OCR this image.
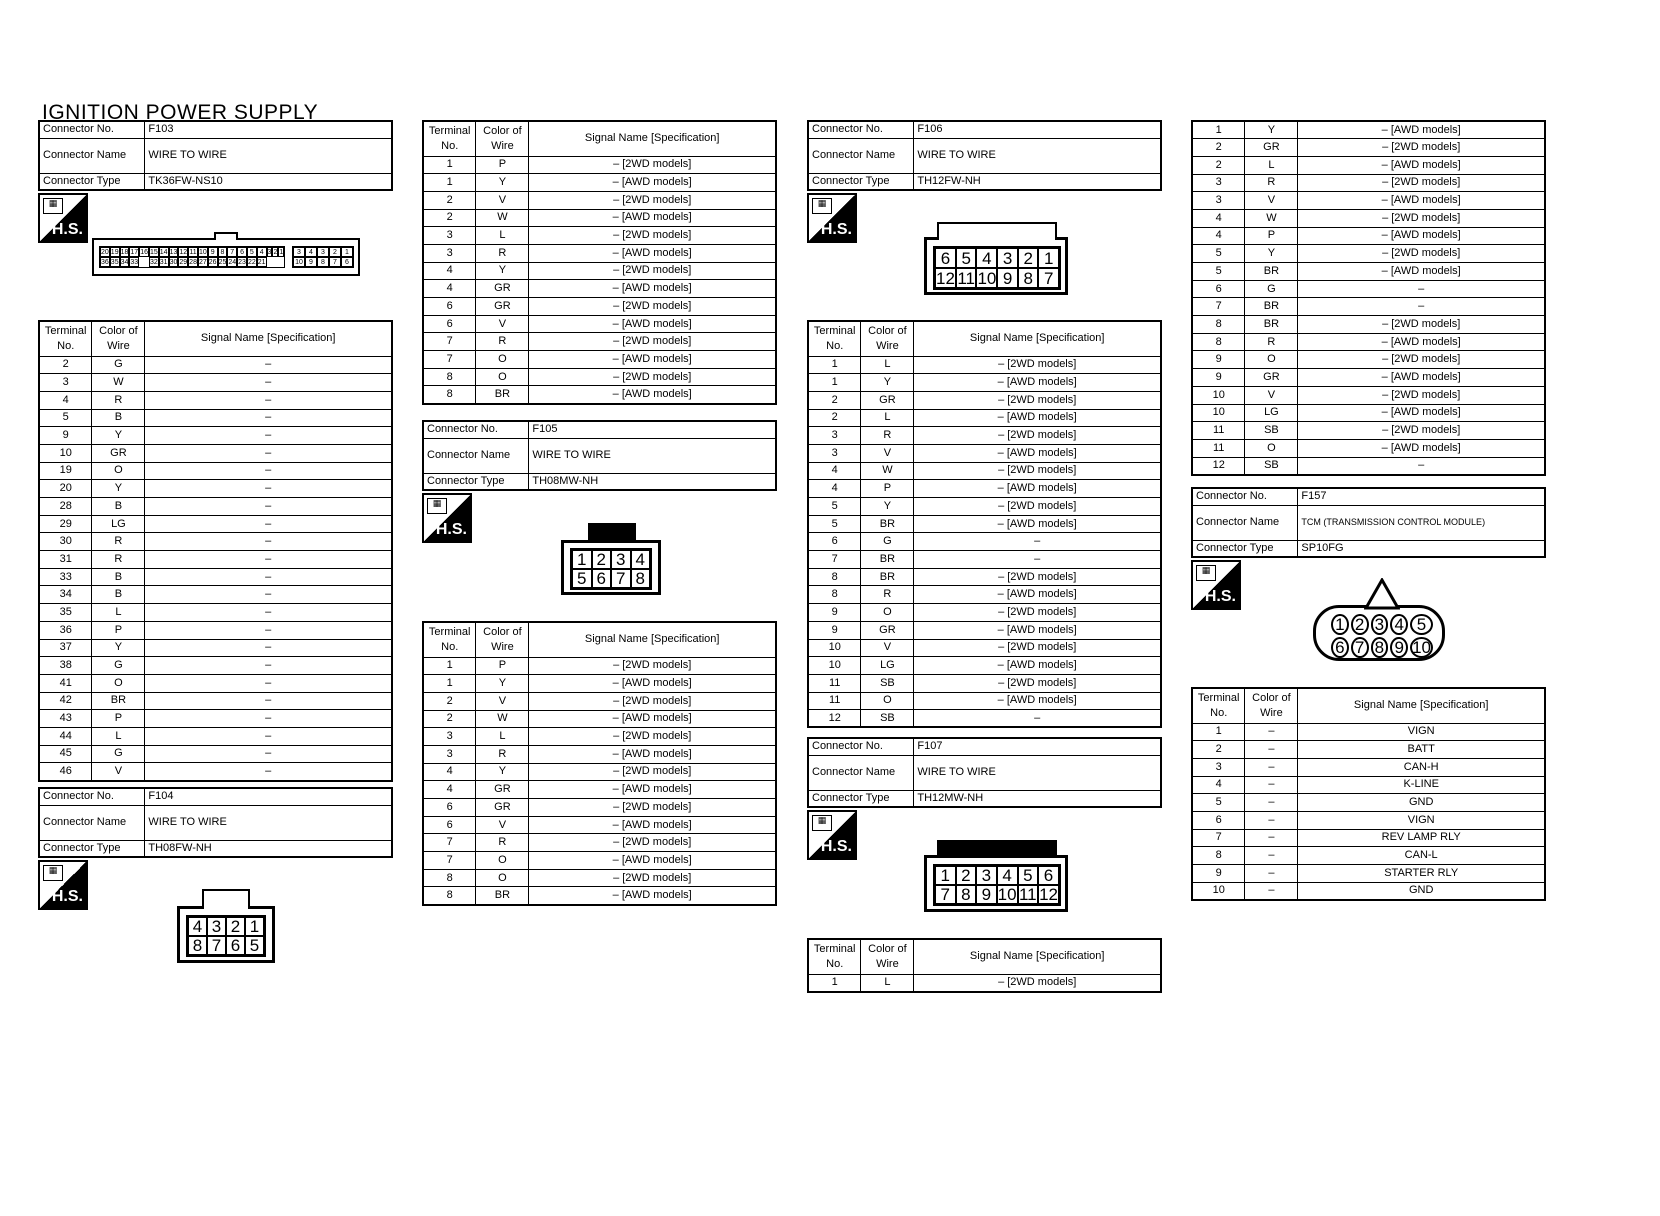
IGNITION POWER SUPPLY
Connector No.	F103
Connector Name	WIRE TO WIRE
Connector Type	TK36FW-NS10
▦
H.S.
20 19 18 17 16 15 14 13 12 11 10 9 8 7 6 5 4 3 2 1
36 35 34 33 32 31 30 29 28 27 26 25 24 23 22 21
3	4	3	2	1
10 9	8	7	6
Terminal No.	Color of Wire	Signal Name [Specification]
2	G	–
3	W	–
4	R	–
5	B	–
9	Y	–
10	GR	–
19	O	–
20	Y	–
28	B	–
29	LG	–
30	R	–
31	R	–
33	B	–
34	B	–
35	L	–
36	P	–
37	Y	–
38	G	–
41	O	–
42	BR	–
43	P	–
44	L	–
45	G	–
46	V	–
Connector No.	F104
Connector Name	WIRE TO WIRE
Connector Type	TH08FW-NH
▦
H.S.
4 3 2 1
8 7 6 5
Terminal No.	Color of Wire	Signal Name [Specification]
1	P	– [2WD models]
1	Y	– [AWD models]
2	V	– [2WD models]
2	W	– [AWD models]
3	L	– [2WD models]
3	R	– [AWD models]
4	Y	– [2WD models]
4	GR	– [AWD models]
6	GR	– [2WD models]
6	V	– [AWD models]
7	R	– [2WD models]
7	O	– [AWD models]
8	O	– [2WD models]
8	BR	– [AWD models]
Connector No.	F105
Connector Name	WIRE TO WIRE
Connector Type	TH08MW-NH
▦
H.S.
1 2 3 4
5 6 7 8
Terminal No.	Color of Wire	Signal Name [Specification]
1	P	– [2WD models]
1	Y	– [AWD models]
2	V	– [2WD models]
2	W	– [AWD models]
3	L	– [2WD models]
3	R	– [AWD models]
4	Y	– [2WD models]
4	GR	– [AWD models]
6	GR	– [2WD models]
6	V	– [AWD models]
7	R	– [2WD models]
7	O	– [AWD models]
8	O	– [2WD models]
8	BR	– [AWD models]
Connector No.	F106
Connector Name	WIRE TO WIRE
Connector Type	TH12FW-NH
▦
H.S.
6 5 4 3 2 1
12 11 10 9 8 7
Terminal No.	Color of Wire	Signal Name [Specification]
1	L	– [2WD models]
1	Y	– [AWD models]
2	GR	– [2WD models]
2	L	– [AWD models]
3	R	– [2WD models]
3	V	– [AWD models]
4	W	– [2WD models]
4	P	– [AWD models]
5	Y	– [2WD models]
5	BR	– [AWD models]
6	G	–
7	BR	–
8	BR	– [2WD models]
8	R	– [AWD models]
9	O	– [2WD models]
9	GR	– [AWD models]
10	V	– [2WD models]
10	LG	– [AWD models]
11	SB	– [2WD models]
11	O	– [AWD models]
12	SB	–
Connector No.	F107
Connector Name	WIRE TO WIRE
Connector Type	TH12MW-NH
▦
H.S.
1 2 3 4 5 6
7 8 9 10 11 12
Terminal No.	Color of Wire	Signal Name [Specification]
1	L	– [2WD models]
1	Y	– [AWD models]
2	GR	– [2WD models]
2	L	– [AWD models]
3	R	– [2WD models]
3	V	– [AWD models]
4	W	– [2WD models]
4	P	– [AWD models]
5	Y	– [2WD models]
5	BR	– [AWD models]
6	G	–
7	BR	–
8	BR	– [2WD models]
8	R	– [AWD models]
9	O	– [2WD models]
9	GR	– [AWD models]
10	V	– [2WD models]
10	LG	– [AWD models]
11	SB	– [2WD models]
11	O	– [AWD models]
12	SB	–
Connector No.	F157
Connector Name	TCM (TRANSMISSION CONTROL MODULE)
Connector Type	SP10FG
▦
H.S.
1 2 3 4 5
6 7 8 9 10
Terminal No.	Color of Wire	Signal Name [Specification]
1	–	VIGN
2	–	BATT
3	–	CAN-H
4	–	K-LINE
5	–	GND
6	–	VIGN
7	–	REV LAMP RLY
8	–	CAN-L
9	–	STARTER RLY
10	–	GND
